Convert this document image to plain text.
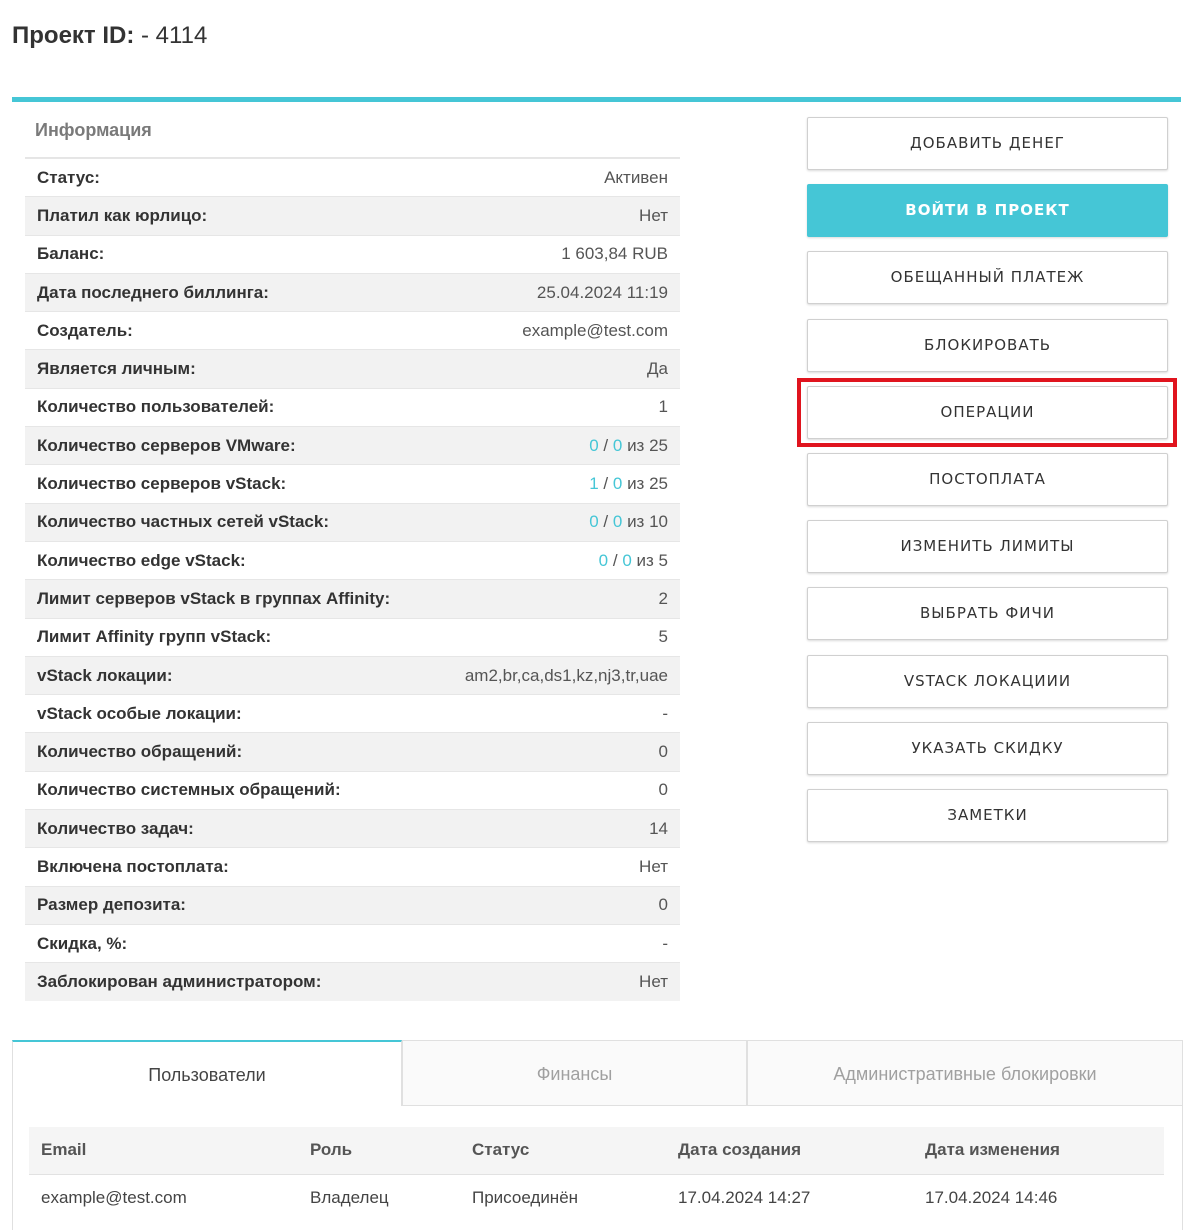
Проект ID: - 4114
Информация
Статус:	Активен
Платил как юрлицо:	Нет
Баланс:	1 603,84 RUB
Дата последнего биллинга:	25.04.2024 11:19
Создатель:	example@test.com
Является личным:	Да
Количество пользователей:	1
Количество серверов VMware:	0 / 0 из 25
Количество серверов vStack:	1 / 0 из 25
Количество частных сетей vStack:	0 / 0 из 10
Количество edge vStack:	0 / 0 из 5
Лимит серверов vStack в группах Affinity:	2
Лимит Affinity групп vStack:	5
vStack локации:	am2,br,ca,ds1,kz,nj3,tr,uae
vStack особые локации:	-
Количество обращений:	0
Количество системных обращений:	0
Количество задач:	14
Включена постоплата:	Нет
Размер депозита:	0
Скидка, %:	-
Заблокирован администратором:	Нет
ДОБАВИТЬ ДЕНЕГ
ВОЙТИ В ПРОЕКТ
ОБЕЩАННЫЙ ПЛАТЕЖ
БЛОКИРОВАТЬ
ОПЕРАЦИИ
ПОСТОПЛАТА
ИЗМЕНИТЬ ЛИМИТЫ
ВЫБРАТЬ ФИЧИ
VSTACK ЛОКАЦИИИ
УКАЗАТЬ СКИДКУ
ЗАМЕТКИ
Пользователи	Финансы	Административные блокировки
Email	Роль	Статус	Дата создания	Дата изменения
example@test.com	Владелец	Присоединён	17.04.2024 14:27	17.04.2024 14:46
